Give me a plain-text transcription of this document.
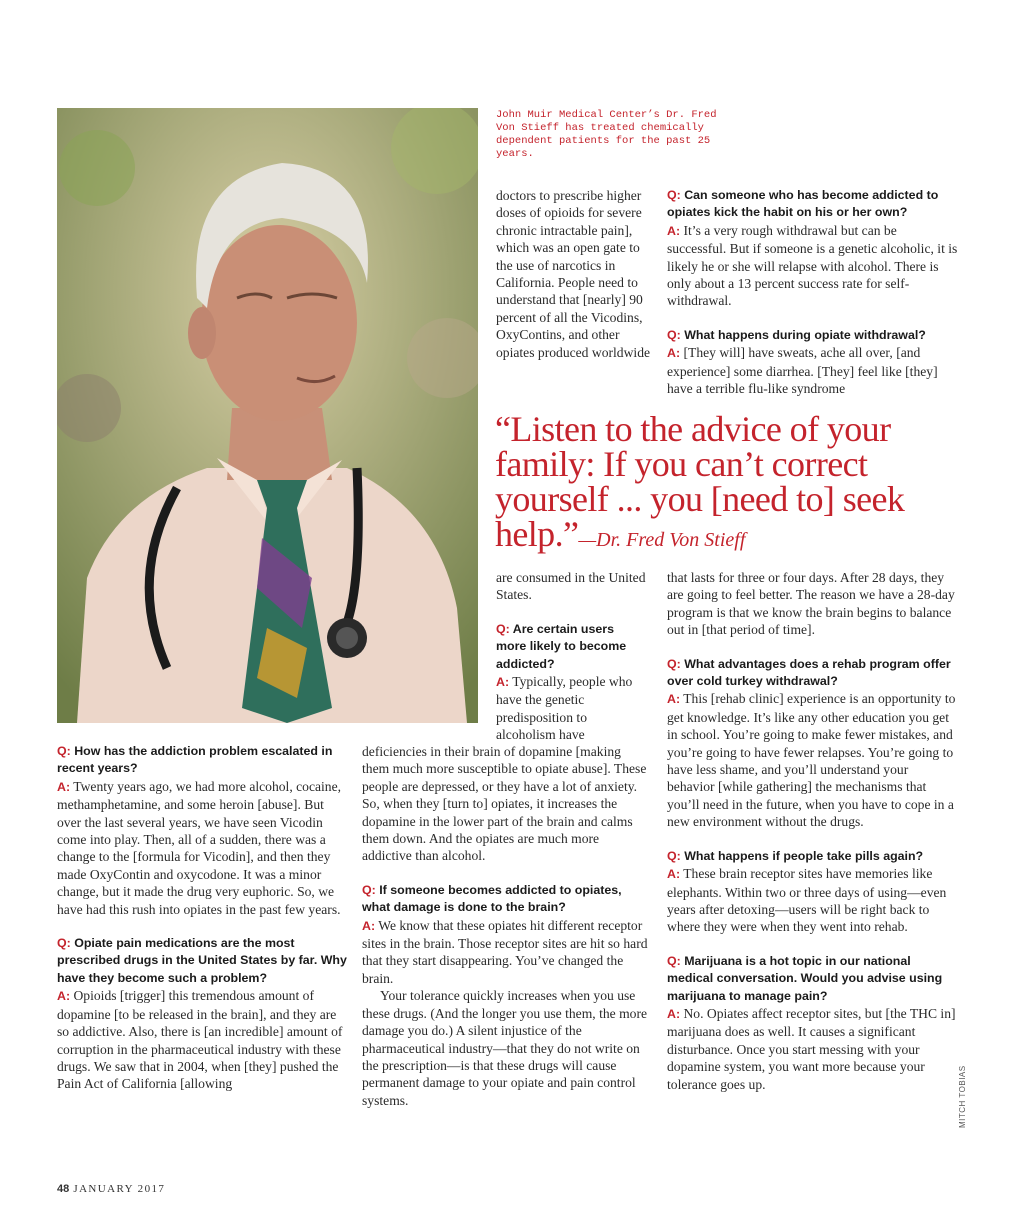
John Muir Medical Center’s Dr. Fred Von Stieff has treated chemically dependent patients for the past 25 years.

Q: How has the addiction problem escalated in recent years?

A: Twenty years ago, we had more alcohol, cocaine, methamphetamine, and some heroin [abuse]. But over the last several years, we have seen Vicodin come into play. Then, all of a sudden, there was a change to the [formula for Vicodin], and then they made OxyContin and oxycodone. It was a minor change, but it made the drug very euphoric. So, we have had this rush into opiates in the past few years.

Q: Opiate pain medications are the most prescribed drugs in the United States by far. Why have they become such a problem?

A: Opioids [trigger] this tremendous amount of dopamine [to be released in the brain], and they are so addictive. Also, there is [an incredible] amount of corruption in the pharmaceutical industry with these drugs. We saw that in 2004, when [they] pushed the Pain Act of California [allowing

doctors to prescribe higher doses of opioids for severe chronic intractable pain], which was an open gate to the use of narcotics in California. People need to understand that [nearly] 90 percent of all the Vicodins, OxyContins, and other opiates produced worldwide

are consumed in the United States.

Q: Are certain users more likely to become addicted?

A: Typically, people who have the genetic predisposition to alcoholism have

deficiencies in their brain of dopamine [making them much more susceptible to opiate abuse]. These people are depressed, or they have a lot of anxiety. So, when they [turn to] opiates, it increases the dopamine in the lower part of the brain and calms them down. And the opiates are much more addictive than alcohol.

Q: If someone becomes addicted to opiates, what damage is done to the brain?

A: We know that these opiates hit different receptor sites in the brain. Those receptor sites are hit so hard that they start disappearing. You’ve changed the brain.

Your tolerance quickly increases when you use these drugs. (And the longer you use them, the more damage you do.) A silent injustice of the pharmaceutical industry—that they do not write on the prescription—is that these drugs will cause permanent damage to your opiate and pain control systems.

Q: Can someone who has become addicted to opiates kick the habit on his or her own?

A: It’s a very rough withdrawal but can be successful. But if someone is a genetic alcoholic, it is likely he or she will relapse with alcohol. There is only about a 13 percent success rate for self-withdrawal.

Q: What happens during opiate withdrawal?

A: [They will] have sweats, ache all over, [and experience] some diarrhea. [They] feel like [they] have a terrible flu-like syndrome

“Listen to the advice of your family: If you can’t correct yourself ... you [need to] seek help.”—Dr. Fred Von Stieff

that lasts for three or four days. After 28 days, they are going to feel better. The reason we have a 28-day program is that we know the brain begins to balance out in [that period of time].

Q: What advantages does a rehab program offer over cold turkey withdrawal?

A: This [rehab clinic] experience is an opportunity to get knowledge. It’s like any other education you get in school. You’re going to make fewer mistakes, and you’re going to have fewer relapses. You’re going to have less shame, and you’ll understand your behavior [while gathering] the mechanisms that you’ll need in the future, when you have to cope in a new environment without the drugs.

Q: What happens if people take pills again?

A: These brain receptor sites have memories like elephants. Within two or three days of using—even years after detoxing—users will be right back to where they were when they went into rehab.

Q: Marijuana is a hot topic in our national medical conversation. Would you advise using marijuana to manage pain?

A: No. Opiates affect receptor sites, but [the THC in] marijuana does as well. It causes a significant disturbance. Once you start messing with your dopamine system, you want more because your tolerance goes up.	MITCH TOBIAS
48 JANUARY 2017
